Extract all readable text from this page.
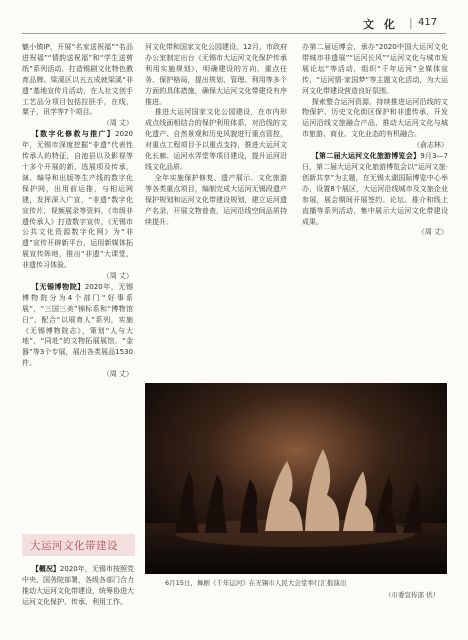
文 化 | 417

魅小镇IP，开展“名家送祝福”“名品进祝福”“情韵送祝福”和“学生送剪纸”系列活动，打造锡剧文化特色教育品牌。梁溪区以五五成就梁溪“非遗”基地宣传月活动，在人社文创手工艺品分项目包括拉胚手，在线，粟子，讯学等7个项目。

（周 丈）

【数字化修救与推广】2020年，无锡市深度挖掘“非遗”代表性传承人的特征，自池县以及影视等十多个开展的新，选展项及传承，演、编导和出版等生产线的数字化保护网，出用前运推，与相运网建，发挥深入广宣，“非遗”数字化宣传片，视频展录等资料，《市级非遗传承人》打造数字宣传，《无锡市公共文化资源数字化网》为“非遗”宣传开辟新平台，运用新媒体拓展宣传阵地，推出“非遗”大课堂，非遗传习体验。

（周 丈）

【无锡博物院】2020年，无锡博物院分为4个部门“好事系展”，“三国三美”锦标系和“博物馆日”，配合“以展育人”系列，实施《无锡博物院志》，策划“人与大地”，“同赴”的文物拓展展馆、“金器”等3个专展，展出各类展品1530件。

（周 丈）

河文化带和国家文化公园建设。12月，市政府办公室制定出台《无锡市大运河文化保护传承利用实施规划》，明确建设的方向、重点任务、保护格局，提出规划、管理、利用等多个方面的具体措施，确保大运河文化带建设有序推进。

推进大运河国家文化公园建设，在市内形成点线面相结合的保护利用体系，对沿线的文化遗产、自然景观和历史风貌进行重点管控，对重点工程项目予以重点支持，推进大运河文化长廊、运河水弄堂等项目建设，提升运河沿线文化品质。

全年实施保护修复、遗产展示、文化旅游等各类重点项目，编制完成大运河无锡段遗产保护规划和运河文化带建设规划，建立运河遗产名录，开展文物普查，运河沿线空间品质持续提升。

办第二届运博会，承办“2020中国大运河文化带城市非遗展”“运河长风”“运河文化与城市发展论坛”等活动，组织“千年运河”全媒体宣传，“运河情·家国梦”等主题文化活动，为大运河文化带建设营造良好氛围。

探索整合运河资源，持续推进运河沿线的文物保护、历史文化街区保护和非遗传承，开发运河沿线文旅融合产品，推动大运河文化与城市旅游、商业、文化业态的有机融合。

（俞志林）

【第二届大运河文化旅游博览会】9月3—7日，第二届大运河文化旅游博览会以“运河文旅·创新共享”为主题，在无锡太湖国际博览中心举办，设置8个展区，大运河沿线城市及文旅企业参展，展会期间开展签约、论坛、推介和线上直播等系列活动，集中展示大运河文化带建设成果。

（周 丈）

大运河文化带建设

【概况】2020年，无锡市按照党中央、国务院部署，各级各部门合力推动大运河文化带建设，统筹协进大运河文化保护、传承、利用工作。

6月15日，舞剧《千年运河》在无锡市人民大会堂举行汇报演出
（市委宣传部 供）
